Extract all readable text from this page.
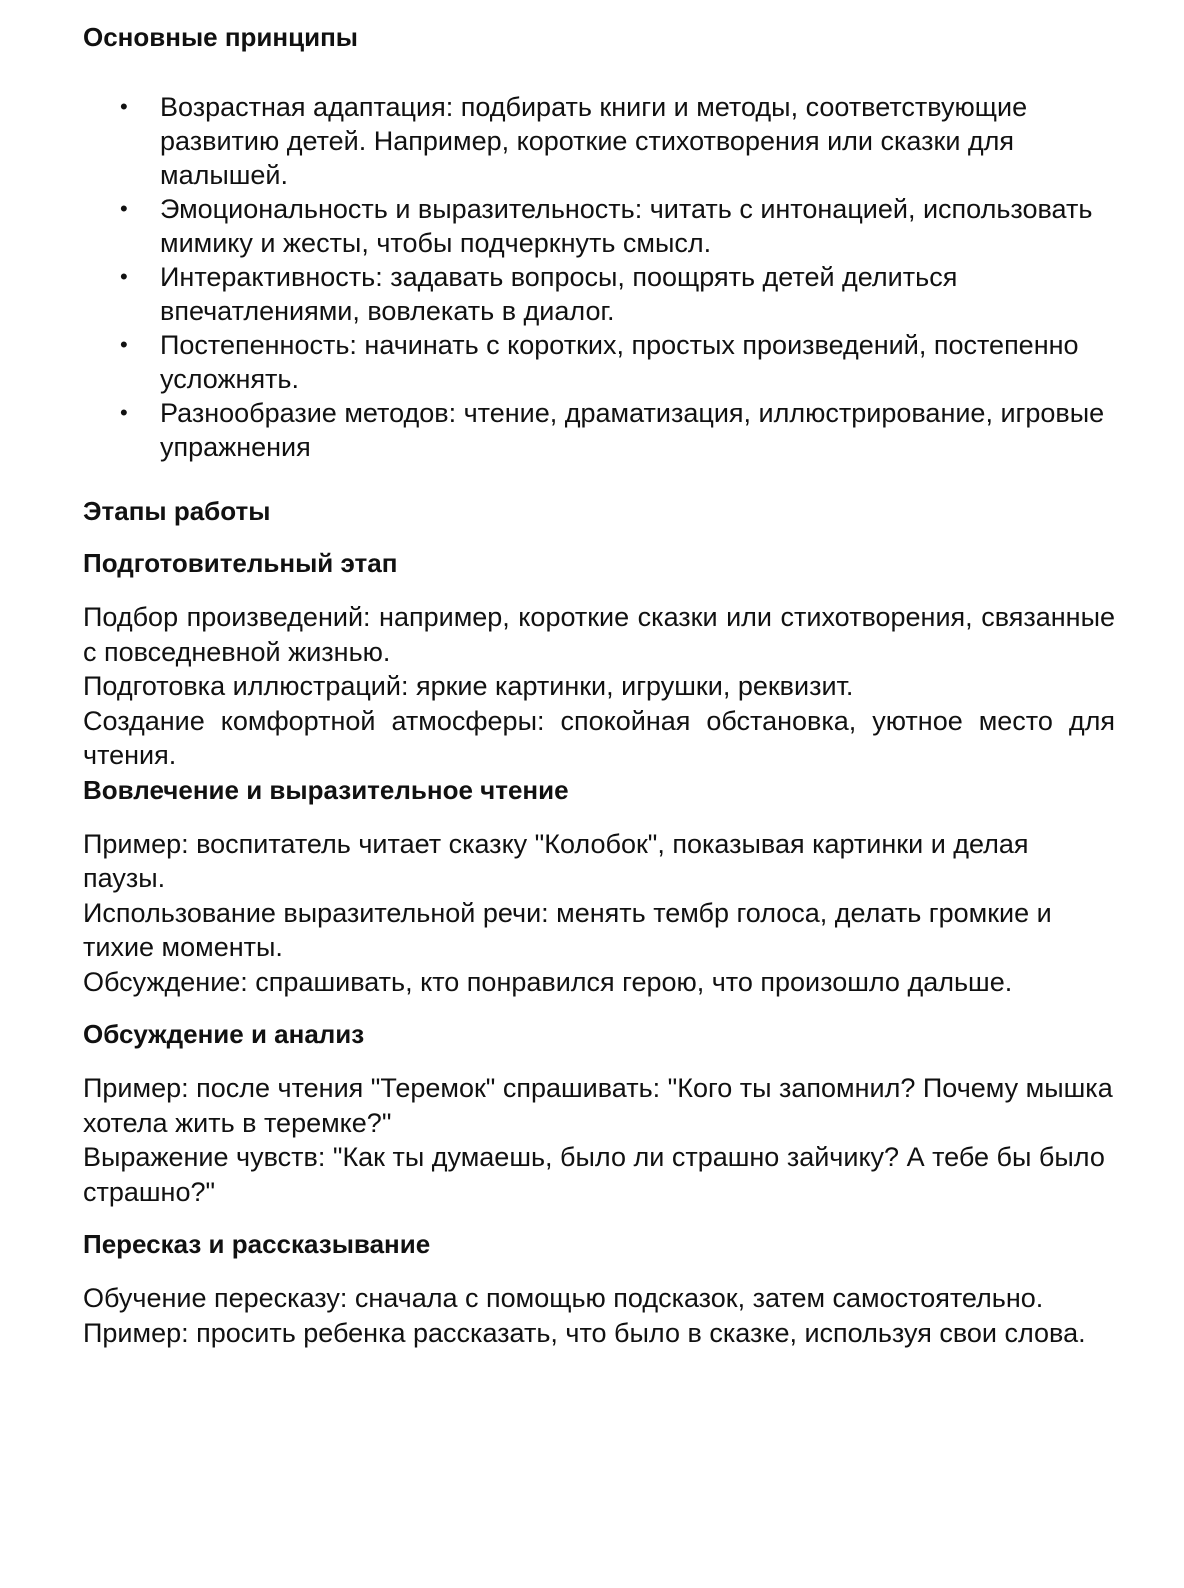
Основные принципы
• Возрастная адаптация: подбирать книги и методы, соответствующие развитию детей. Например, короткие стихотворения или сказки для малышей.
• Эмоциональность и выразительность: читать с интонацией, использовать мимику и жесты, чтобы подчеркнуть смысл.
• Интерактивность: задавать вопросы, поощрять детей делиться впечатлениями, вовлекать в диалог.
• Постепенность: начинать с коротких, простых произведений, постепенно усложнять.
• Разнообразие методов: чтение, драматизация, иллюстрирование, игровые упражнения
Этапы работы
Подготовительный этап

Подбор произведений: например, короткие сказки или стихотворения, связанные с повседневной жизнью.

Подготовка иллюстраций: яркие картинки, игрушки, реквизит.

Создание комфортной атмосферы: спокойная обстановка, уютное место для чтения.

Вовлечение и выразительное чтение

Пример: воспитатель читает сказку "Колобок", показывая картинки и делая паузы.

Использование выразительной речи: менять тембр голоса, делать громкие и тихие моменты.

Обсуждение: спрашивать, кто понравился герою, что произошло дальше.

Обсуждение и анализ

Пример: после чтения "Теремок" спрашивать: "Кого ты запомнил? Почему мышка хотела жить в теремке?"

Выражение чувств: "Как ты думаешь, было ли страшно зайчику? А тебе бы было страшно?"

Пересказ и рассказывание

Обучение пересказу: сначала с помощью подсказок, затем самостоятельно.

Пример: просить ребенка рассказать, что было в сказке, используя свои слова.
